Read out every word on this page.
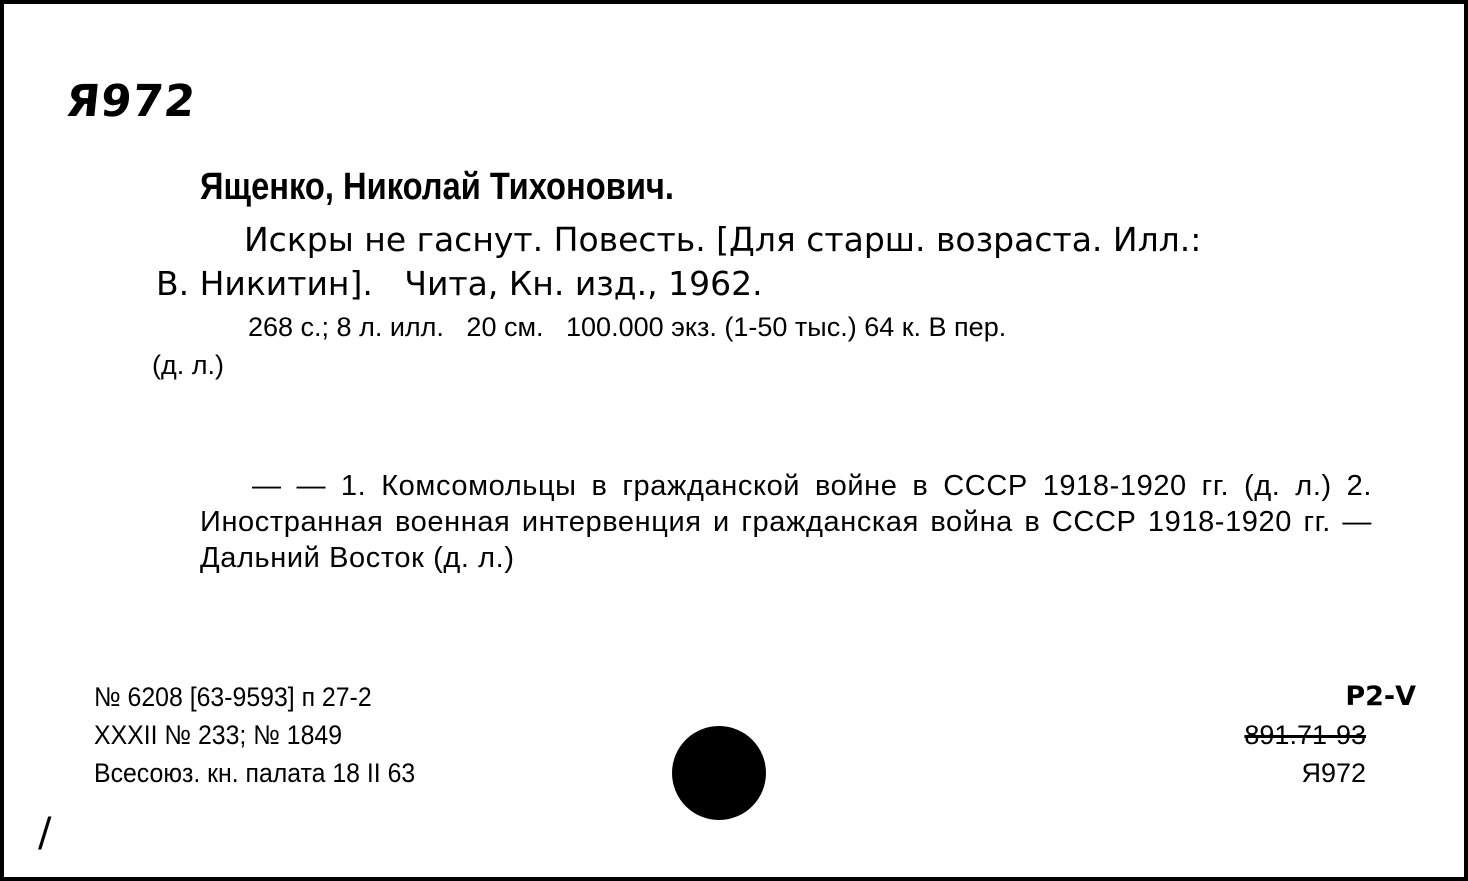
Я972
Ященко, Николай Тихонович.
Искры не гаснут. Повесть. [Для старш. возраста. Илл.:
В. Никитин].   Чита, Кн. изд., 1962.
268 с.; 8 л. илл.   20 см.   100.000 экз. (1-50 тыс.) 64 к. В пер.
(д. л.)
— — 1. Комсомольцы в гражданской войне в СССР 1918-1920 гг. (д. л.) 2. Иностранная военная интервенция и гражданская война в СССР 1918-1920 гг. — Дальний Восток (д. л.)
№ 6208 [63-9593] п 27-2
XXXII № 233; № 1849
Всесоюз. кн. палата 18 II 63
Р2-V
891.71-93
Я972
/
